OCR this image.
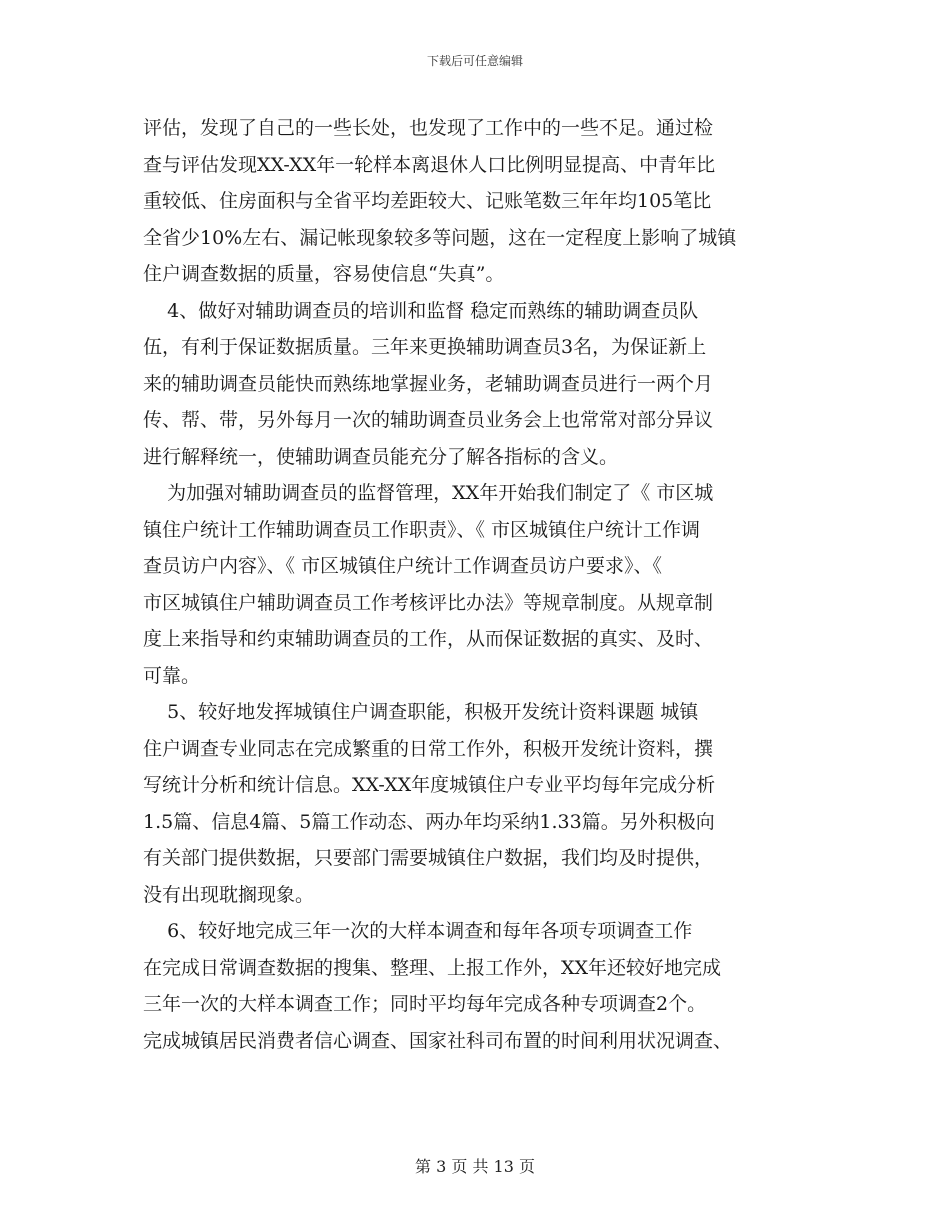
下载后可任意编辑
评估，发现了自己的一些长处，也发现了工作中的一些不足。通过检
查与评估发现XX-XX年一轮样本离退休人口比例明显提高、中青年比
重较低、住房面积与全省平均差距较大、记账笔数三年年均105笔比
全省少10%左右、漏记帐现象较多等问题，这在一定程度上影响了城镇
住户调查数据的质量，容易使信息“失真”。
4、做好对辅助调查员的培训和监督 稳定而熟练的辅助调查员队
伍，有利于保证数据质量。三年来更换辅助调查员3名，为保证新上
来的辅助调查员能快而熟练地掌握业务，老辅助调查员进行一两个月
传、帮、带，另外每月一次的辅助调查员业务会上也常常对部分异议
进行解释统一，使辅助调查员能充分了解各指标的含义。
为加强对辅助调查员的监督管理，XX年开始我们制定了《 市区城
镇住户统计工作辅助调查员工作职责》、《 市区城镇住户统计工作调
查员访户内容》、《 市区城镇住户统计工作调查员访户要求》、《
市区城镇住户辅助调查员工作考核评比办法》等规章制度。从规章制
度上来指导和约束辅助调查员的工作，从而保证数据的真实、及时、
可靠。
5、较好地发挥城镇住户调查职能，积极开发统计资料课题 城镇
住户调查专业同志在完成繁重的日常工作外，积极开发统计资料，撰
写统计分析和统计信息。XX-XX年度城镇住户专业平均每年完成分析
1.5篇、信息4篇、5篇工作动态、两办年均采纳1.33篇。另外积极向
有关部门提供数据，只要部门需要城镇住户数据，我们均及时提供，
没有出现耽搁现象。
6、较好地完成三年一次的大样本调查和每年各项专项调查工作
在完成日常调查数据的搜集、整理、上报工作外，XX年还较好地完成
三年一次的大样本调查工作；同时平均每年完成各种专项调查2个。
完成城镇居民消费者信心调查、国家社科司布置的时间利用状况调查、
第 3 页 共 13 页
